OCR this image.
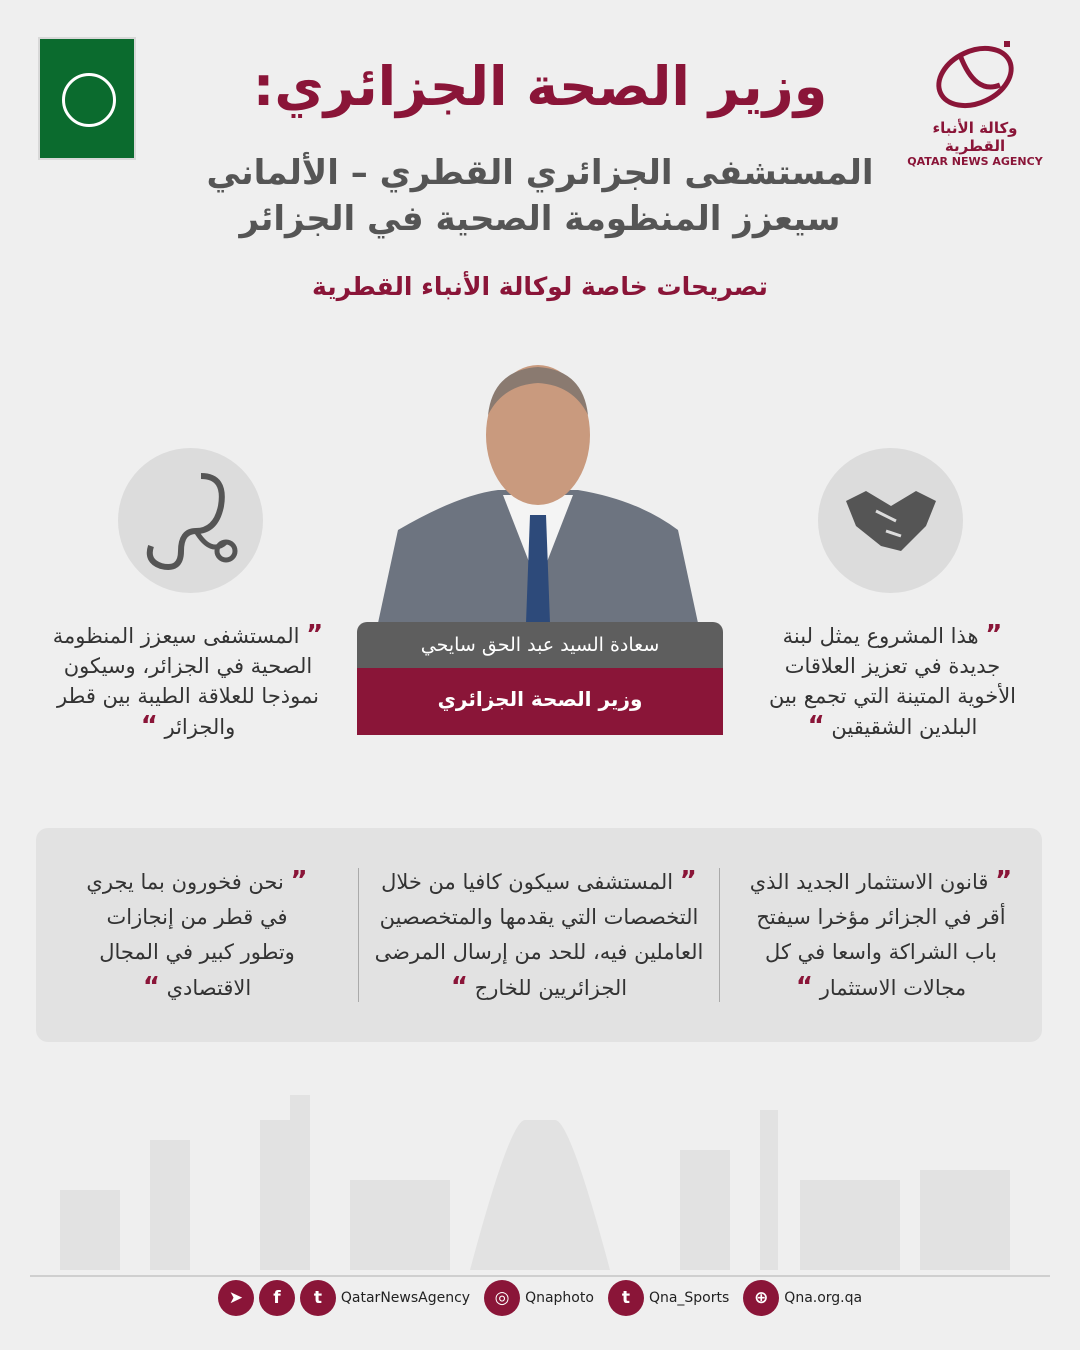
وكالة الأنباء القطرية
QATAR NEWS AGENCY
وزير الصحة الجزائري:
المستشفى الجزائري القطري – الألماني
سيعزز المنظومة الصحية في الجزائر
تصريحات خاصة لوكالة الأنباء القطرية
سعادة السيد عبد الحق سايحي
وزير الصحة الجزائري
” هذا المشروع يمثل لبنة جديدة في تعزيز العلاقات الأخوية المتينة التي تجمع بين البلدين الشقيقين “
” المستشفى سيعزز المنظومة الصحية في الجزائر، وسيكون نموذجا للعلاقة الطيبة بين قطر والجزائر “
” قانون الاستثمار الجديد الذي أقر في الجزائر مؤخرا سيفتح باب الشراكة واسعا في كل مجالات الاستثمار “
” المستشفى سيكون كافيا من خلال التخصصات التي يقدمها والمتخصصين العاملين فيه، للحد من إرسال المرضى الجزائريين للخارج “
” نحن فخورون بما يجري في قطر من إنجازات وتطور كبير في المجال الاقتصادي “
➤	f	t	QatarNewsAgency	◎	Qnaphoto	t	Qna_Sports	⊕	Qna.org.qa
